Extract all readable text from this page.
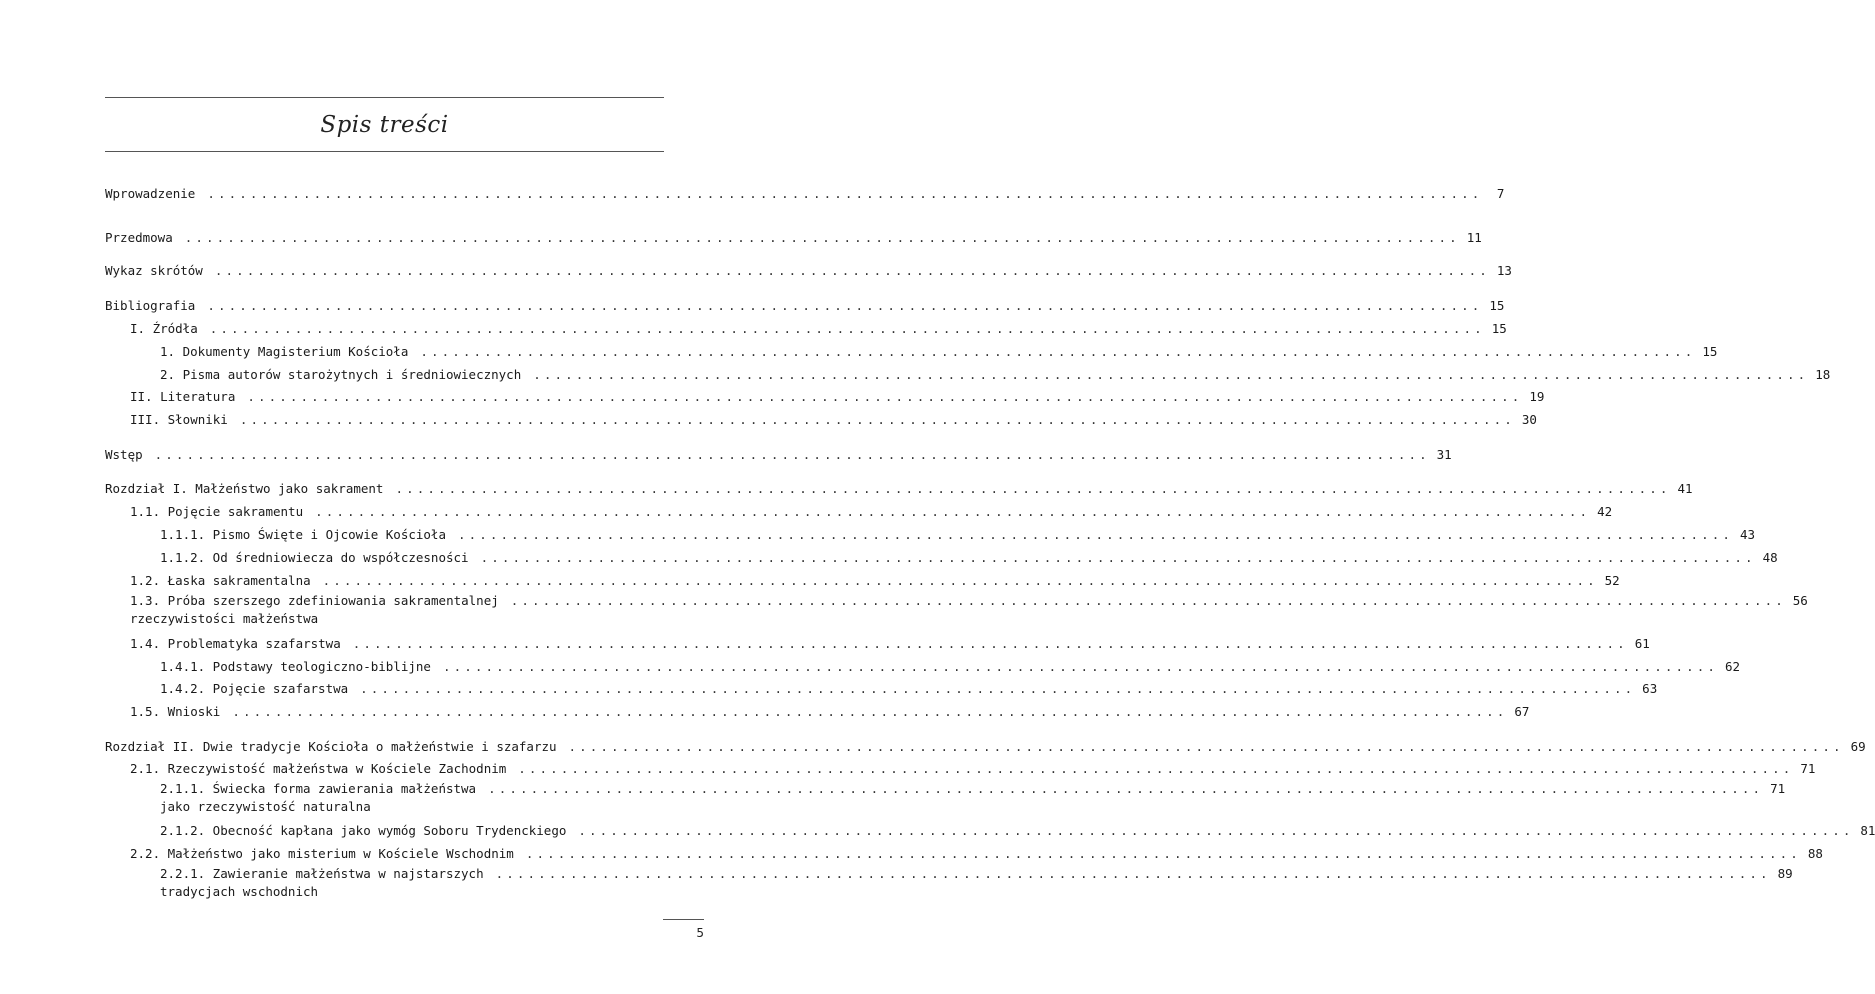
Spis treści
Wprowadzenie ........................................................................................................................	7
Przedmowa ........................................................................................................................ 11
Wykaz skrótów ........................................................................................................................ 13
Bibliografia ........................................................................................................................ 15
I. Źródła ........................................................................................................................ 15
1. Dokumenty Magisterium Kościoła ........................................................................................................................ 15
2. Pisma autorów starożytnych i średniowiecznych ........................................................................................................................ 18
II. Literatura ........................................................................................................................ 19
III. Słowniki ........................................................................................................................ 30
Wstęp ........................................................................................................................ 31
Rozdział I. Małżeństwo jako sakrament ........................................................................................................................ 41
1.1. Pojęcie sakramentu ........................................................................................................................ 42
1.1.1. Pismo Święte i Ojcowie Kościoła ........................................................................................................................ 43
1.1.2. Od średniowiecza do współczesności ........................................................................................................................ 48
1.2. Łaska sakramentalna ........................................................................................................................ 52
1.3. Próba szerszego zdefiniowania sakramentalnej
rzeczywistości małżeństwa
........................................................................................................................ 56
1.4. Problematyka szafarstwa ........................................................................................................................ 61
1.4.1. Podstawy teologiczno-biblijne ........................................................................................................................ 62
1.4.2. Pojęcie szafarstwa ........................................................................................................................ 63
1.5. Wnioski ........................................................................................................................ 67
Rozdział II. Dwie tradycje Kościoła o małżeństwie i szafarzu ........................................................................................................................ 69
2.1. Rzeczywistość małżeństwa w Kościele Zachodnim ........................................................................................................................ 71
2.1.1. Świecka forma zawierania małżeństwa
jako rzeczywistość naturalna
........................................................................................................................ 71
2.1.2. Obecność kapłana jako wymóg Soboru Trydenckiego ........................................................................................................................ 81
2.2. Małżeństwo jako misterium w Kościele Wschodnim ........................................................................................................................ 88
2.2.1. Zawieranie małżeństwa w najstarszych
tradycjach wschodnich
........................................................................................................................ 89
5
